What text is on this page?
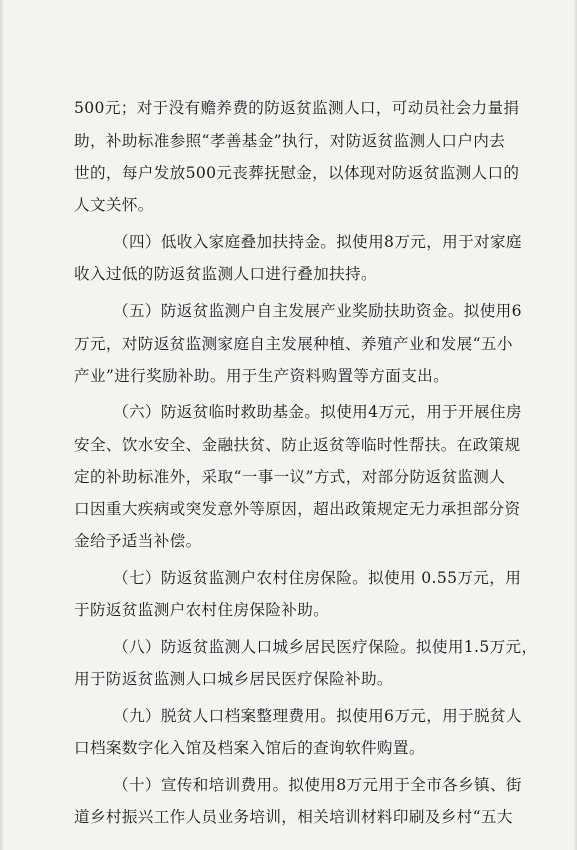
500元；对于没有赡养费的防返贫监测人口，可动员社会力量捐
助，补助标准参照“孝善基金”执行，对防返贫监测人口户内去
世的，每户发放500元丧葬抚慰金，以体现对防返贫监测人口的
人文关怀。
（四）低收入家庭叠加扶持金。拟使用8万元，用于对家庭
收入过低的防返贫监测人口进行叠加扶持。
（五）防返贫监测户自主发展产业奖励扶助资金。拟使用6
万元，对防返贫监测家庭自主发展种植、养殖产业和发展“五小
产业”进行奖励补助。用于生产资料购置等方面支出。
（六）防返贫临时救助基金。拟使用4万元，用于开展住房
安全、饮水安全、金融扶贫、防止返贫等临时性帮扶。在政策规
定的补助标准外，采取“一事一议”方式，对部分防返贫监测人
口因重大疾病或突发意外等原因，超出政策规定无力承担部分资
金给予适当补偿。
（七）防返贫监测户农村住房保险。拟使用 0.55万元，用
于防返贫监测户农村住房保险补助。
（八）防返贫监测人口城乡居民医疗保险。拟使用1.5万元，
用于防返贫监测人口城乡居民医疗保险补助。
（九）脱贫人口档案整理费用。拟使用6万元，用于脱贫人
口档案数字化入馆及档案入馆后的查询软件购置。
（十）宣传和培训费用。拟使用8万元用于全市各乡镇、街
道乡村振兴工作人员业务培训，相关培训材料印刷及乡村“五大
